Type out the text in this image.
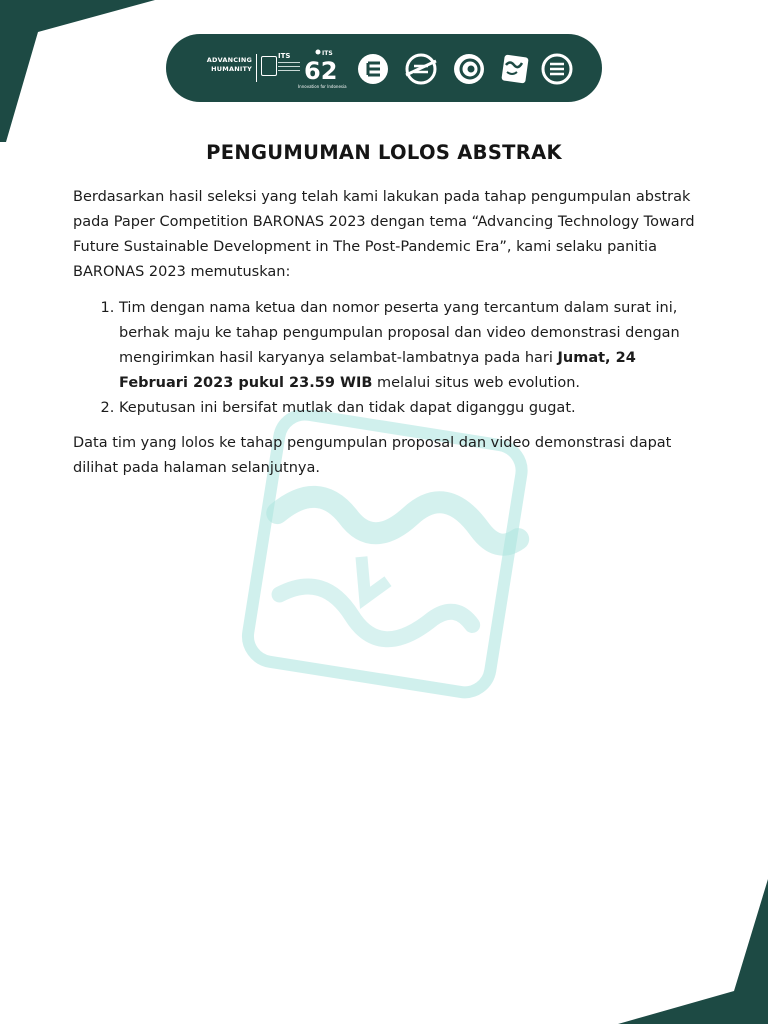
ADVANCING
HUMANITY
ITS	ITS
62
Innovation for Indonesia
PENGUMUMAN LOLOS ABSTRAK

Berdasarkan hasil seleksi yang telah kami lakukan pada tahap pengumpulan abstrak pada Paper Competition BARONAS 2023 dengan tema “Advancing Technology Toward Future Sustainable Development in The Post-Pandemic Era”, kami selaku panitia BARONAS 2023 memutuskan:

1. Tim dengan nama ketua dan nomor peserta yang tercantum dalam surat ini, berhak maju ke tahap pengumpulan proposal dan video demonstrasi dengan mengirimkan hasil karyanya selambat-lambatnya pada hari Jumat, 24 Februari 2023 pukul 23.59 WIB melalui situs web evolution.
2. Keputusan ini bersifat mutlak dan tidak dapat diganggu gugat.

Data tim yang lolos ke tahap pengumpulan proposal dan video demonstrasi dapat dilihat pada halaman selanjutnya.
